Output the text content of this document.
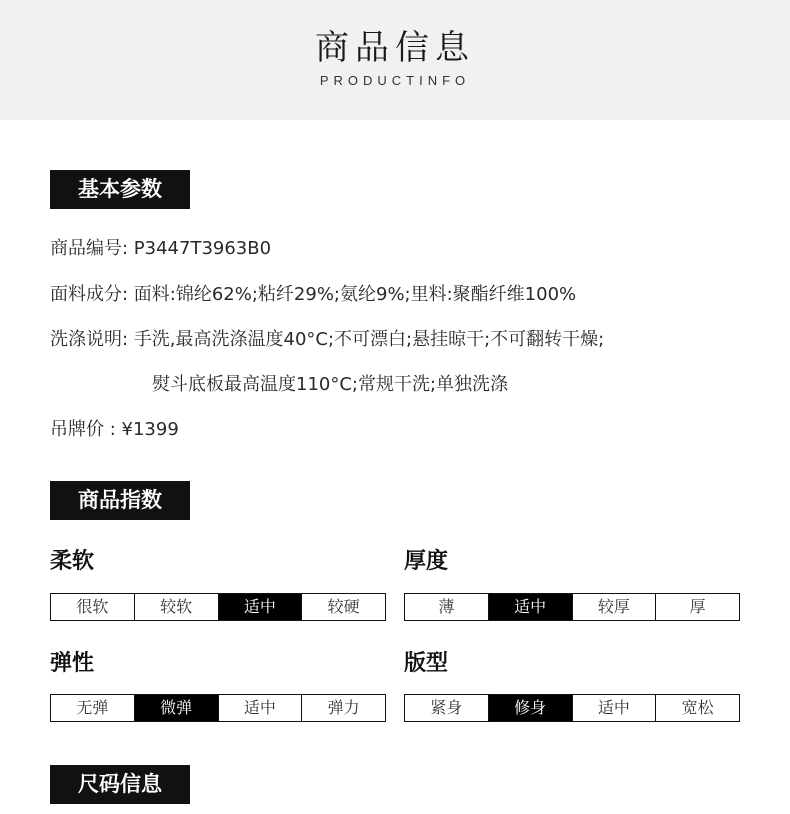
商品信息
PRODUCTINFO
基本参数
商品编号: P3447T3963B0
面料成分: 面料:锦纶62%;粘纤29%;氨纶9%;里料:聚酯纤维100%
洗涤说明: 手洗,最高洗涤温度40°C;不可漂白;悬挂晾干;不可翻转干燥;
熨斗底板最高温度110°C;常规干洗;单独洗涤
吊牌价 : ¥1399
商品指数
柔软
很软	较软	适中	较硬
厚度
薄	适中	较厚	厚
弹性
无弹	微弹	适中	弹力
版型
紧身	修身	适中	宽松
尺码信息
